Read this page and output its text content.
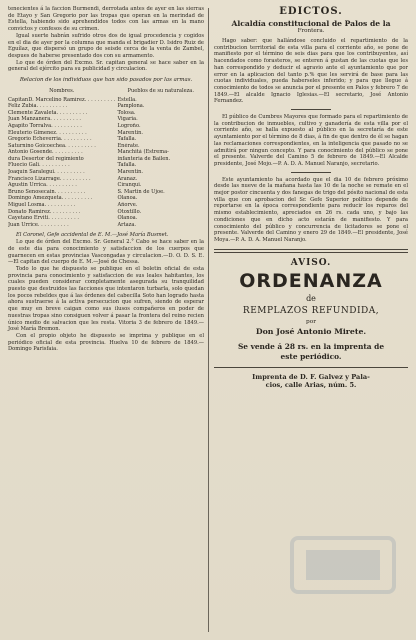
tenecientes á la faccion Burmendi, derrotada antes de ayer en las sierras de Etayo y San Gregorio por las tropas que operan en la merindad de Estella, habiendo sido aprehendidos todos con las armas en la mano convictos y confesos de su crimen.

Igual suerte habrán sufrido otros dos de igual procedencia y cogidos en el dia de ayer por la columna que manda el brigadier D. Isidro Ruiz de Eguílaz, que dispersó un grupo de seisde cerca de la venta de Zambel, despues de haberse presentado dos con su armamento.

Lo que de órden del Excmo. Sr. capitan general se hace saber en la general del ejército para su publicidad y circulacion.

Relacion de los individuos que han sido pasados por las armas.

Nombres.	Pueblos de su naturaleza.
CapitanD. Marcelino Ramírez. . . .	Estella.
Feliz Zubia. . . .	Pamplona.
Clemente Zavaleta. . . .	Tolosa.
Juan Manzanera. . . .	Vigaria.
Agapito Torralva. . . .	Logroño.
Eleuterio Gimenez. . . .	Marentin.
Gregorio Echeverria. . . .	Tafalla.
Saturnino Goicoechea. . . .	Enérate.
Antonio Gosende. . . .	Manchitá (Estrema-
dura Desertor del regimiento	infanteria de Bailen.
Fluecio Gali. . . .	Tafalla.
Joaquin Saralegui. . . .	Marentin.
Francisco Lizarrage. . . .	Aranaz.
Agustin Urrica. . . .	Ciranqui.
Bruno Senosecain. . . .	S. Martin de Ujoe.
Domingo Amezqueta. . . .	Olanoa.
Miguel Losma. . . .	Añorve.
Donato Ramirez. . . .	Otoxtillo.
Cayetano Erviti. . . .	Olanoa.
Juan Urrice. . . .	Artaza.

El Coronel, Gefe accidental de E. M.—José María Busmet.

Lo que de órden del Excmo. Sr. General 2.° Cabo se hace saber en la de este dia para conocimiento y satisfaccion de los cuerpos que guarnecen en estas provincias Vascongadas y circulacion.—D. O. D. S. E.—El capitan del cuerpo de E. M.—José de Chessa.

Todo lo que he dispuesto se publique en el boletin oficial de esta provincia para conocimiento y satisfaccion de sus leales habitantes, los cuales pueden considerar completamente asegurada su tranquilidad puesto que destruidos las facciones que intentaron turbarla, solo quedan los pocos rebeldes que á las órdenes del cabecilla Soto han logrado hasta ahora sustraerse á la activa persecucion que sufren, siendo de esperar que muy en breve caigan como sus ilusos compañeros en poder de nuestras tropas sino consiguen volver á pasar la frontera del reino recien único medio de salvacion que les resta. Vitoria 3 de febrero de 1849.—José María Bremon.

Con el propio objeto he dispuesto se imprima y publique en el periódico oficial de esta provincia. Huelva 10 de febrero de 1849.—Domingo Parisfaia.

EDICTOS.

Alcaldía constitucional de Palos de la

Frontera.

Hago saber: que hallándose concluido el repartimiento de la contribucion territorial de esta villa para el corriente año, se pone de manifiesto por el término de seis dias para que los contribuyentes, así hacendados como forasteros, se enteren á gustan de las cuotas que les han correspondido y deducir el agravio ante el ayuntamiento que por error en la aplicacion del tanto p.% que les servirá de base para las cuotas individuales, pueda haberseles inferido; y para que llegue á conocimiento de todos se anuncia por el presente en Palos y febrero 7 de 1849.—El alcalde Ignacio Iglesias.—El secretario, José Antonio Fernandez.

El público de Cumbres Mayores que formado para el repartimiento de la contribucion de inmuebles, cultivo y ganadería de esta villa por el corriente año, se halla expuesto al público en la secretaría de este ayuntamiento por el término de 8 dias, á fin de que dentro de él se hagan las reclamaciones correspondientes, en la inteligencia que pasado no se admitirá por ningun concepto. Y para conocimiento del público se pone el presente. Valverde del Camino 5 de febrero de 1849.—El Alcalde presidente, José Mojo.—P. A. D. A. Manuel Naranjo, secretario.

Este ayuntamiento ha acordado que el dia 10 de febrero próximo desde las nueve de la mañana hasta las 10 de la noche se remate en el mejor postor cincuenta y dos fanegas de trigo del pósito nacional de esta villa que con aprobacion del Sr. Gefe Superior político depende de reportarse en la época correspondiente para reducir los reparos del mismo establecimiento, apreciados en 26 rs. cada uno, y bajo las condiciones que en dicho acto estarán de manifiesto. Y para conocimiento del público y concurrencia de licitadores se pone el presente. Valverde del Camino y enero 29 de 1849.—El presidente, José Moya.—P. A. D. A. Manuel Naranjo.

AVISO.

ORDENANZA

de

REMPLAZOS REFUNDIDA,

por

Don José Antonio Mirete.

Se vende á 28 rs. en la imprenta de

este periódico.

Imprenta de D. F. Galvez y Pala-

cios, calle Arias, núm. 5.
